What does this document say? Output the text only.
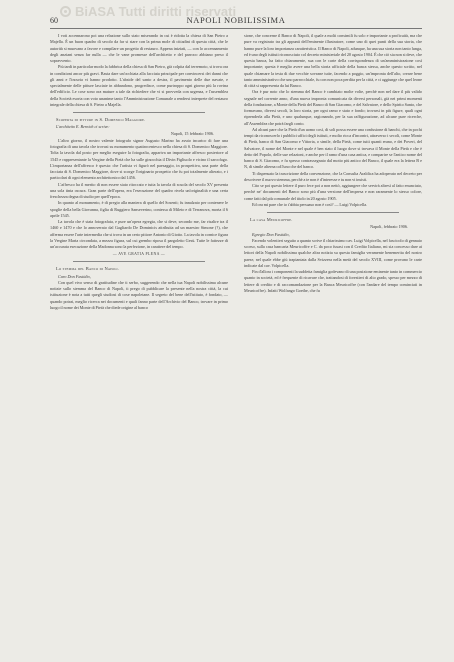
BiASA Tutti diritti riservati
60	NAPOLI NOBILISSIMA

I voti accennarono poi una relazione sullo stato miserando in cui è ridotta la chiesa di San Pietro a Majella. È un buon quadro di secolo da far si stare con la prima mole di cittadini di questa città, che le autorità si muovano a favore e compilare un progetto di restauro. Appena iniziati, — con lo accennamento degli anziani senza far nulla — che le vane promesse dell'architetto e del parroco abbiano preso il sopravvento.

Più tardi in particolar modo la fabbrica della chiesa di San Pietro, già colpita dal terremoto, si trova ora in condizioni ancor più gravi. Basta dare un'occhiata alla facciata principale per convincersi dei danni che gli anni e l'incuria vi hanno prodotto. L'abside del santo a destra, il pavimento delle due navate, e specialmente delle pitture lasciate in abbandono, progredisce, come purtroppo ogni giorno più la rovina dell'edificio. Le cose sono ora mature a tale da richiedere che vi si provveda con urgenza, e l'assemblea della Società esorta con voto unanime tanto l'Amministrazione Comunale a rendersi interprete del restauro integrale della chiesa di S. Pietro a Majella.

Scoperta di pitture in S. Domenico Maggiore.

L'architetto E. Bernich ci scrive:

Napoli, 15 febbraio 1906.

L'altro giorno, il nostro valente fotografo signor Augusto Marino ha avuto incarico di fare una fotografia di una tavola che trovasi su monumento quattrocentesco nella chiesa di S. Domenico Maggiore. Tolta la tavola dal posto per meglio eseguire la fotografia, appariva un importante affresco posteriore al 1545 e rappresentante la Vergine della Pietà che ha sulle ginocchia il Divin Figliuolo e vicino il sarcofago. L'importanza dell'affresco è questa: che l'artista vi figurò nel paesaggio, in prospettiva, una parte della facciata di S. Domenico Maggiore, dove si scorge l'originario prospetto che fu poi totalmente alterato, e i particolari di ogni elemento architettonico dal 1456.

L'affresco ha il merito di non essere stato ritoccato e tutta la tavola di scuola del secolo XV presenta una sola tinta oscura. Gran parte dell'opera, era l'esecuzione del quadro rivela un'originalità e una certa freschezza degna di studio per quell'epoca.

In quanto al monumento, è di pregio alla maniera di quello del Sosenti; fu innalzato per contenere le spoglie della bella Giovanna, figlia di Ruggiero Sanseverino, contessa di Mileto e di Terranova, morta il 6 aprile 1545.

La tavola che è stata fotografata, e pure un'opera egregia, che si deve, secondo me, far risalire tra il 1460 e 1470 e che lo annoverato dal Gagliardo De Dominicis attribuita ad un maestro Simone (?), che afferma essere l'arte intermedia che si trova in un certo pittore Antonio di Giotto. La tavola in cornice figura la Vergine Maria circondata, a mezza figura, sul cui grembo riposa il pargoletto Gesù. Tutte le fattezze di un'accurata esecuzione della Madonna sono la perfezione, in carattere del tempo.

— AVE GRATIA PLENA —

Lo stemma del Banco di Napoli.

Caro Don Fastidio,

Con quel vivo senso di gratitudine che ti serbo, suggerendo che nella tua Napoli nobilissima alcune notizie sullo stemma del Banco di Napoli, ti prego di pubblicare la presente nella nostra città, la cui istituzione è nota a tutti quegli studiosi di cose napoletane. Il segreto del bene dell'istituto, è fondato, — quando potrai, meglio ricerca nei documenti e quali fanno parte dell'Archivio del Banco, trovare in primo luogo il nome dei Monte di Pietà che diede origine al banco

sione, che concerne il Banco di Napoli, il quale a molti consimili fu solo e importante a proficuità, ma che pure va registrato tra gli appunti dell'eminente illustratore, come uno di quei punti della sua storia, che hanno pure la loro importanza caratteristica. Il Banco di Napoli, adunque, ha una sua storia non tanto lunga, ed è uno degli istituti riconosciuto col decreto ministeriale del 20 agosto 1904. È che ciò sia non si deve, che questa banca, ha fatto chiaramente, sua con le carte della corrispondenza di un'amministrazione così importante; questa è meglio avere una bella storia ufficiale della banca stessa, anche questo scritto, nel quale chiamare la testa di due vecchie sovrane tutte, facendo a poggio, un'impronta dell'alto, creare bene tanto amministrativo che uno parrocchiale, fu con non poca perdita per la città, e ci aggiunge che quel leone di città si rappresenta da lui Banco.

Ora è pur noto che lo stemma del Banco è cambiato molte volte, perchè non nel dare il più valido segnale nel corrente anno, d'una nuova impronta comunicata da diversi personali, già nei primi momenti della fondazione, a Monte della Pietà del Banco di San Giacomo, e del Salvatore, e dello Spirito Santo, che formavano, diversi secoli, la loro storia, per ogni ramo e stato e fondo; trovarsi in più figure, quali ogni riprenderla alla Pietà, e uno qualunque, ragionando, per la sua raffigurazione, ad alcune pure ricerche, all'Assemblea che potrà fargli conto.

Ad alcuni pare che la Pietà d'un uomo così, di soli possa essere una confusione di banchi, che in pochi tempi da riconoscerlo i pubblici uffici degli istituti, e molto ricca d'incontri, attraverso i secoli, come Monte di Pietà, banco di San Giacomo e Vittoria, o simile, della Pietà, come tutti quanti erano, e dei Poveri, del Salvatore, il nome del Monte e nel quale è ben stato il luogo dove si trovava il Monte della Pietà e che è detto del Popolo, delle sue relazioni, e anche per il ramo d'una casa antica, e comparire se l'antico nome del banco di S. Giacomo, e fu spesso contrassegnato dal motto più antico del Banco, il quale era la lettera B e N, di simile alterna coll'uno che del banco.

Ti dispensato la trascrizione della convenzione, che la Consulta Araldica ha adoperato nel decreto per descrivere il nuovo stemma, perchè a te non è d'interesse e tu non vi insisti.

Cito se poi questo lettere il puro fece poi a non nettò, aggiungere che servirà altresì al fatto enunciato, perchè ne' documenti del Banco sono più d'una versione dell'impresa e non raramente lo stesso colore, come fatti dal più comunale del titolo in 20 agosto 1905.

Ed ora mi pare che io t'abbia persuaso non è così? — Luigi Volpicella.

La casa Meuricoffre.

Napoli, febbraio 1906.

Egregio Don Fastidio,

Facendo volentieri seguito a quanto scrive il chiarissimo cav. Luigi Volpicella, nel fascicolo di gennaio scorso, sulla casa bancaria Meuricoffre e C. da poco fusasi con il Credito Italiano, mi sia concesso dare ai lettori della Napoli nobilissima qualche altra notizia su questa famiglia veramente benemerita del nostro paese, nel quale ebbe giù trapiantata dalla Svizzera nella metà del secolo XVIII, come provano le carte indicate dal cav. Volpicella.

Fin d'allora i componenti la suddetta famiglia godevano di una posizione eminente tanto in commercio quanto in società, ed è frequente di ricavare che, trattandosi di forestieri di alto grado, spesso per mezzo di lettere di credito e di raccomandazione per la Banca Meuricoffre (con l'andare del tempo cominciati in Meuricoffre). Infatti Wolfango Goethe, che fu
